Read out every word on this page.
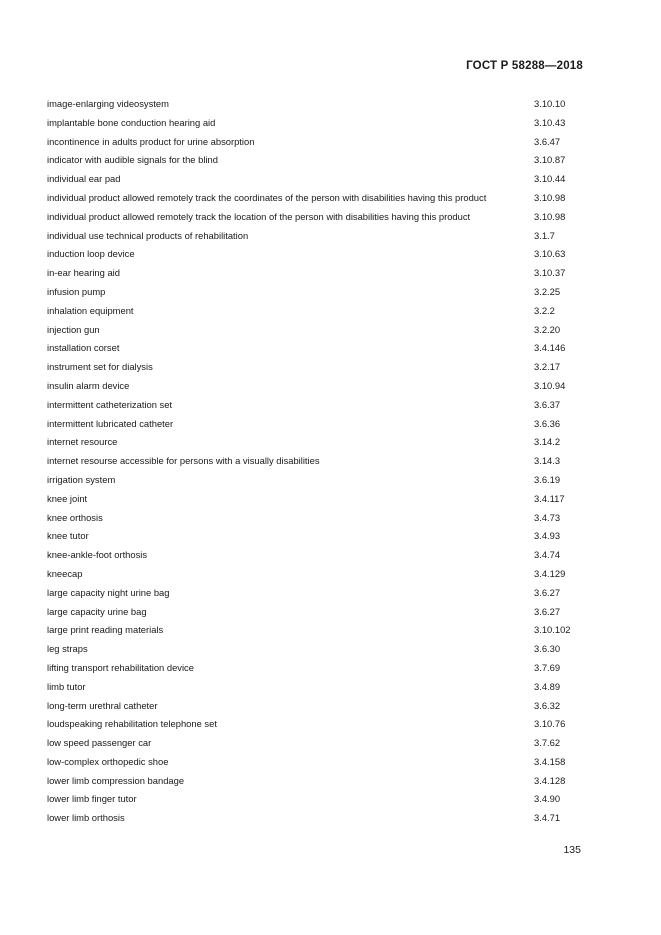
ГОСТ Р 58288—2018
image-enlarging videosystem	3.10.10
implantable bone conduction hearing aid	3.10.43
incontinence in adults product for urine absorption	3.6.47
indicator with audible signals for the blind	3.10.87
individual ear pad	3.10.44
individual product allowed remotely track the coordinates of the person with disabilities having this product	3.10.98
individual product allowed remotely track the location of the person with disabilities having this product	3.10.98
individual use technical products of rehabilitation	3.1.7
induction loop device	3.10.63
in-ear hearing aid	3.10.37
infusion pump	3.2.25
inhalation equipment	3.2.2
injection gun	3.2.20
installation corset	3.4.146
instrument set for dialysis	3.2.17
insulin alarm device	3.10.94
intermittent catheterization set	3.6.37
intermittent lubricated catheter	3.6.36
internet resource	3.14.2
internet resourse accessible for persons with a visually disabilities	3.14.3
irrigation system	3.6.19
knee joint	3.4.117
knee orthosis	3.4.73
knee tutor	3.4.93
knee-ankle-foot orthosis	3.4.74
kneecap	3.4.129
large capacity night urine bag	3.6.27
large capacity urine bag	3.6.27
large print reading materials	3.10.102
leg straps	3.6.30
lifting transport rehabilitation device	3.7.69
limb tutor	3.4.89
long-term urethral catheter	3.6.32
loudspeaking rehabilitation telephone set	3.10.76
low speed passenger car	3.7.62
low-complex orthopedic shoe	3.4.158
lower limb compression bandage	3.4.128
lower limb finger tutor	3.4.90
lower limb orthosis	3.4.71
135
